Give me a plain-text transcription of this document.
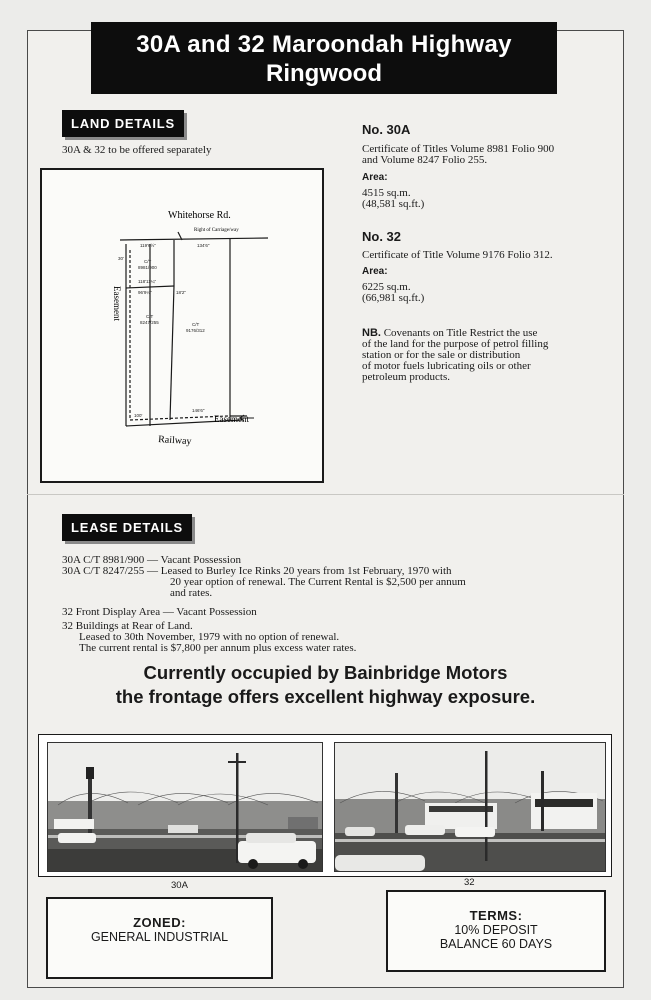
30A and 32 Maroondah Highway
Ringwood
LAND DETAILS
30A & 32 to be offered separately
Whitehorse Rd.
Right of Carriage/way
Easement
Railway
Easement
C/T
8981/900
C/T
8247/255	C/T
9176/312
119'6½"	134'6"
118'11¼"
96'9¼"	18'2"
100'
146'6"
30'
No. 30A
Certificate of Titles Volume 8981 Folio 900
and Volume 8247 Folio 255.
Area:
4515 sq.m.
(48,581 sq.ft.)
No. 32
Certificate of Title Volume 9176 Folio 312.
Area:
6225 sq.m.
(66,981 sq.ft.)
NB. Covenants on Title Restrict the use
of the land for the purpose of petrol filling
station or for the sale or distribution
of motor fuels lubricating oils or other
petroleum products.
LEASE DETAILS
30A C/T 8981/900 — Vacant Possession
30A C/T 8247/255 — Leased to Burley Ice Rinks 20 years from 1st February, 1970 with
20 year option of renewal. The Current Rental is $2,500 per annum
and rates.
32 Front Display Area — Vacant Possession
32 Buildings at Rear of Land.
Leased to 30th November, 1979 with no option of renewal.
The current rental is $7,800 per annum plus excess water rates.
Currently occupied by Bainbridge Motors
the frontage offers excellent highway exposure.
30A	32
ZONED:
GENERAL INDUSTRIAL
TERMS:
10% DEPOSIT
BALANCE 60 DAYS
